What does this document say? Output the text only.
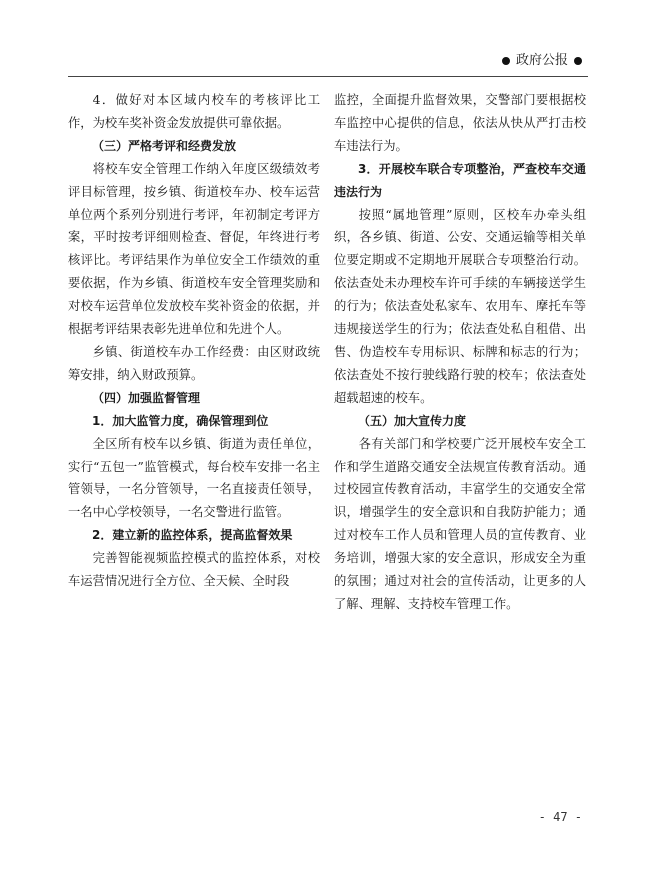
政府公报

4．做好对本区域内校车的考核评比工作，为校车奖补资金发放提供可靠依据。

（三）严格考评和经费发放

将校车安全管理工作纳入年度区级绩效考评目标管理，按乡镇、街道校车办、校车运营单位两个系列分别进行考评，年初制定考评方案，平时按考评细则检查、督促，年终进行考核评比。考评结果作为单位安全工作绩效的重要依据，作为乡镇、街道校车安全管理奖励和对校车运营单位发放校车奖补资金的依据，并根据考评结果表彰先进单位和先进个人。

乡镇、街道校车办工作经费：由区财政统筹安排，纳入财政预算。

（四）加强监督管理

1．加大监管力度，确保管理到位

全区所有校车以乡镇、街道为责任单位，实行“五包一”监管模式，每台校车安排一名主管领导，一名分管领导，一名直接责任领导，一名中心学校领导，一名交警进行监管。

2．建立新的监控体系，提高监督效果

完善智能视频监控模式的监控体系，对校车运营情况进行全方位、全天候、全时段

监控，全面提升监督效果，交警部门要根据校车监控中心提供的信息，依法从快从严打击校车违法行为。

3．开展校车联合专项整治，严查校车交通违法行为

按照“属地管理”原则，区校车办牵头组织，各乡镇、街道、公安、交通运输等相关单位要定期或不定期地开展联合专项整治行动。依法查处未办理校车许可手续的车辆接送学生的行为；依法查处私家车、农用车、摩托车等违规接送学生的行为；依法查处私自租借、出售、伪造校车专用标识、标牌和标志的行为；依法查处不按行驶线路行驶的校车；依法查处超载超速的校车。

（五）加大宣传力度

各有关部门和学校要广泛开展校车安全工作和学生道路交通安全法规宣传教育活动。通过校园宣传教育活动，丰富学生的交通安全常识，增强学生的安全意识和自我防护能力；通过对校车工作人员和管理人员的宣传教育、业务培训，增强大家的安全意识，形成安全为重的氛围；通过对社会的宣传活动，让更多的人了解、理解、支持校车管理工作。

- 47 -
